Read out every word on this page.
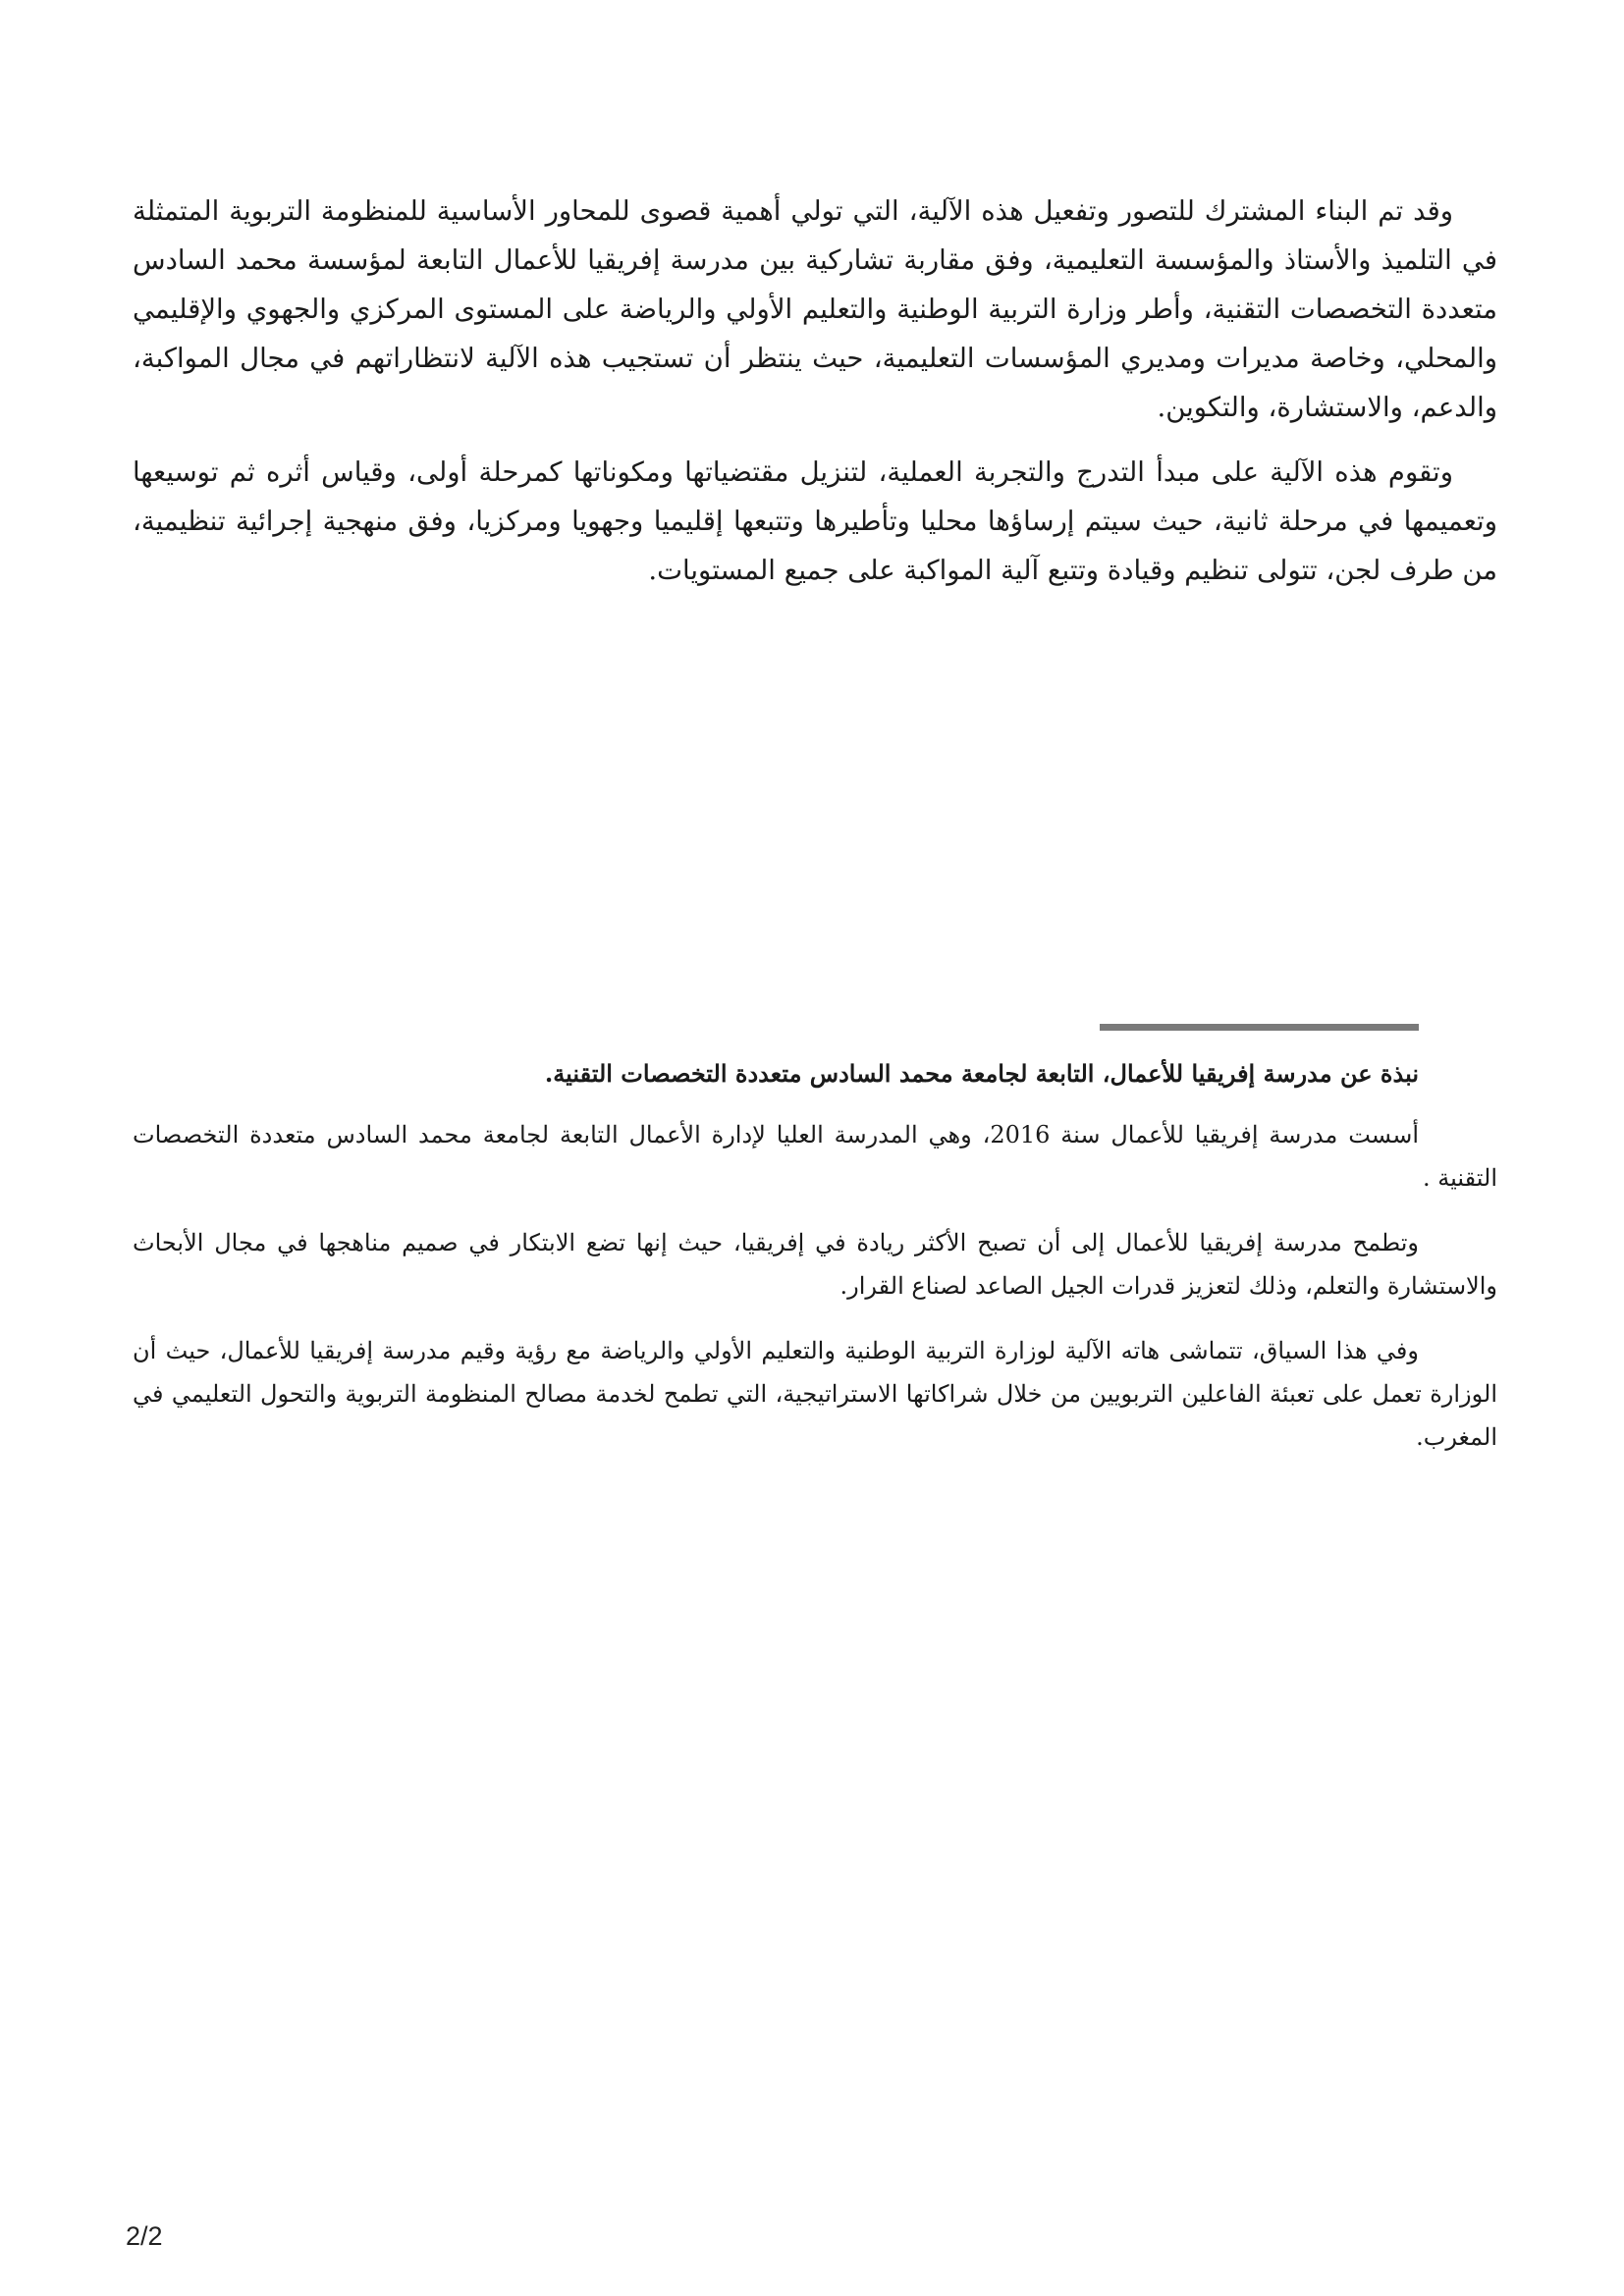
وقد تم البناء المشترك للتصور وتفعيل هذه الآلية، التي تولي أهمية قصوى للمحاور الأساسية للمنظومة التربوية المتمثلة في التلميذ والأستاذ والمؤسسة التعليمية، وفق مقاربة تشاركية بين مدرسة إفريقيا للأعمال التابعة لمؤسسة محمد السادس متعددة التخصصات التقنية، وأطر وزارة التربية الوطنية والتعليم الأولي والرياضة على المستوى المركزي والجهوي والإقليمي والمحلي، وخاصة مديرات ومديري المؤسسات التعليمية، حيث ينتظر أن تستجيب هذه الآلية لانتظاراتهم في مجال المواكبة، والدعم، والاستشارة، والتكوين.

وتقوم هذه الآلية على مبدأ التدرج والتجربة العملية، لتنزيل مقتضياتها ومكوناتها كمرحلة أولى، وقياس أثره ثم توسيعها وتعميمها في مرحلة ثانية، حيث سيتم إرساؤها محليا وتأطيرها وتتبعها إقليميا وجهويا ومركزيا، وفق منهجية إجرائية تنظيمية، من طرف لجن، تتولى تنظيم وقيادة وتتبع آلية المواكبة على جميع المستويات.

نبذة عن مدرسة إفريقيا للأعمال، التابعة لجامعة محمد السادس متعددة التخصصات التقنية.

أسست مدرسة إفريقيا للأعمال سنة 2016، وهي المدرسة العليا لإدارة الأعمال التابعة لجامعة محمد السادس متعددة التخصصات التقنية .

وتطمح مدرسة إفريقيا للأعمال إلى أن تصبح الأكثر ريادة في إفريقيا، حيث إنها تضع الابتكار في صميم مناهجها في مجال الأبحاث والاستشارة والتعلم، وذلك لتعزيز قدرات الجيل الصاعد لصناع القرار.

وفي هذا السياق، تتماشى هاته الآلية لوزارة التربية الوطنية والتعليم الأولي والرياضة مع رؤية وقيم مدرسة إفريقيا للأعمال، حيث أن الوزارة تعمل على تعبئة الفاعلين التربويين من خلال شراكاتها الاستراتيجية، التي تطمح لخدمة مصالح المنظومة التربوية والتحول التعليمي في المغرب.

2/2
